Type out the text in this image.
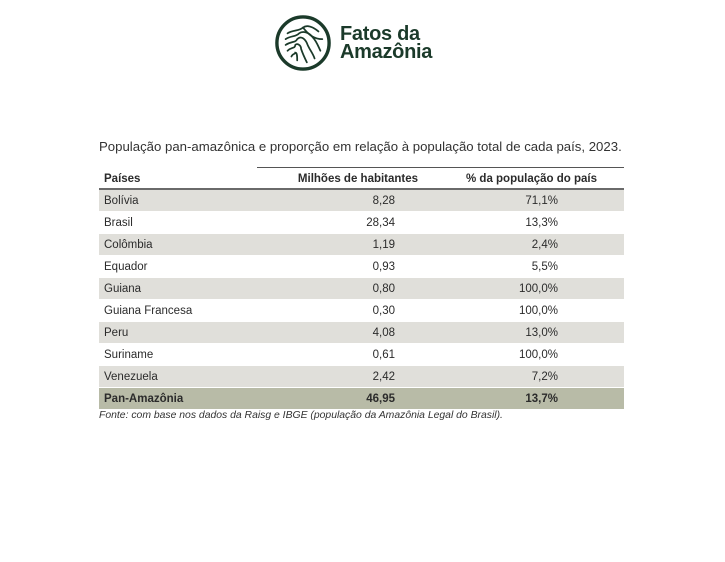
Fatos da
Amazônia
População pan-amazônica e proporção em relação à população total de cada país, 2023.
Países	Milhões de habitantes	% da população do país
Bolívia	8,28	71,1%
Brasil	28,34	13,3%
Colômbia	1,19	2,4%
Equador	0,93	5,5%
Guiana	0,80	100,0%
Guiana Francesa	0,30	100,0%
Peru	4,08	13,0%
Suriname	0,61	100,0%
Venezuela	2,42	7,2%
Pan-Amazônia	46,95	13,7%
Fonte: com base nos dados da Raisg e IBGE (população da Amazônia Legal do Brasil).
